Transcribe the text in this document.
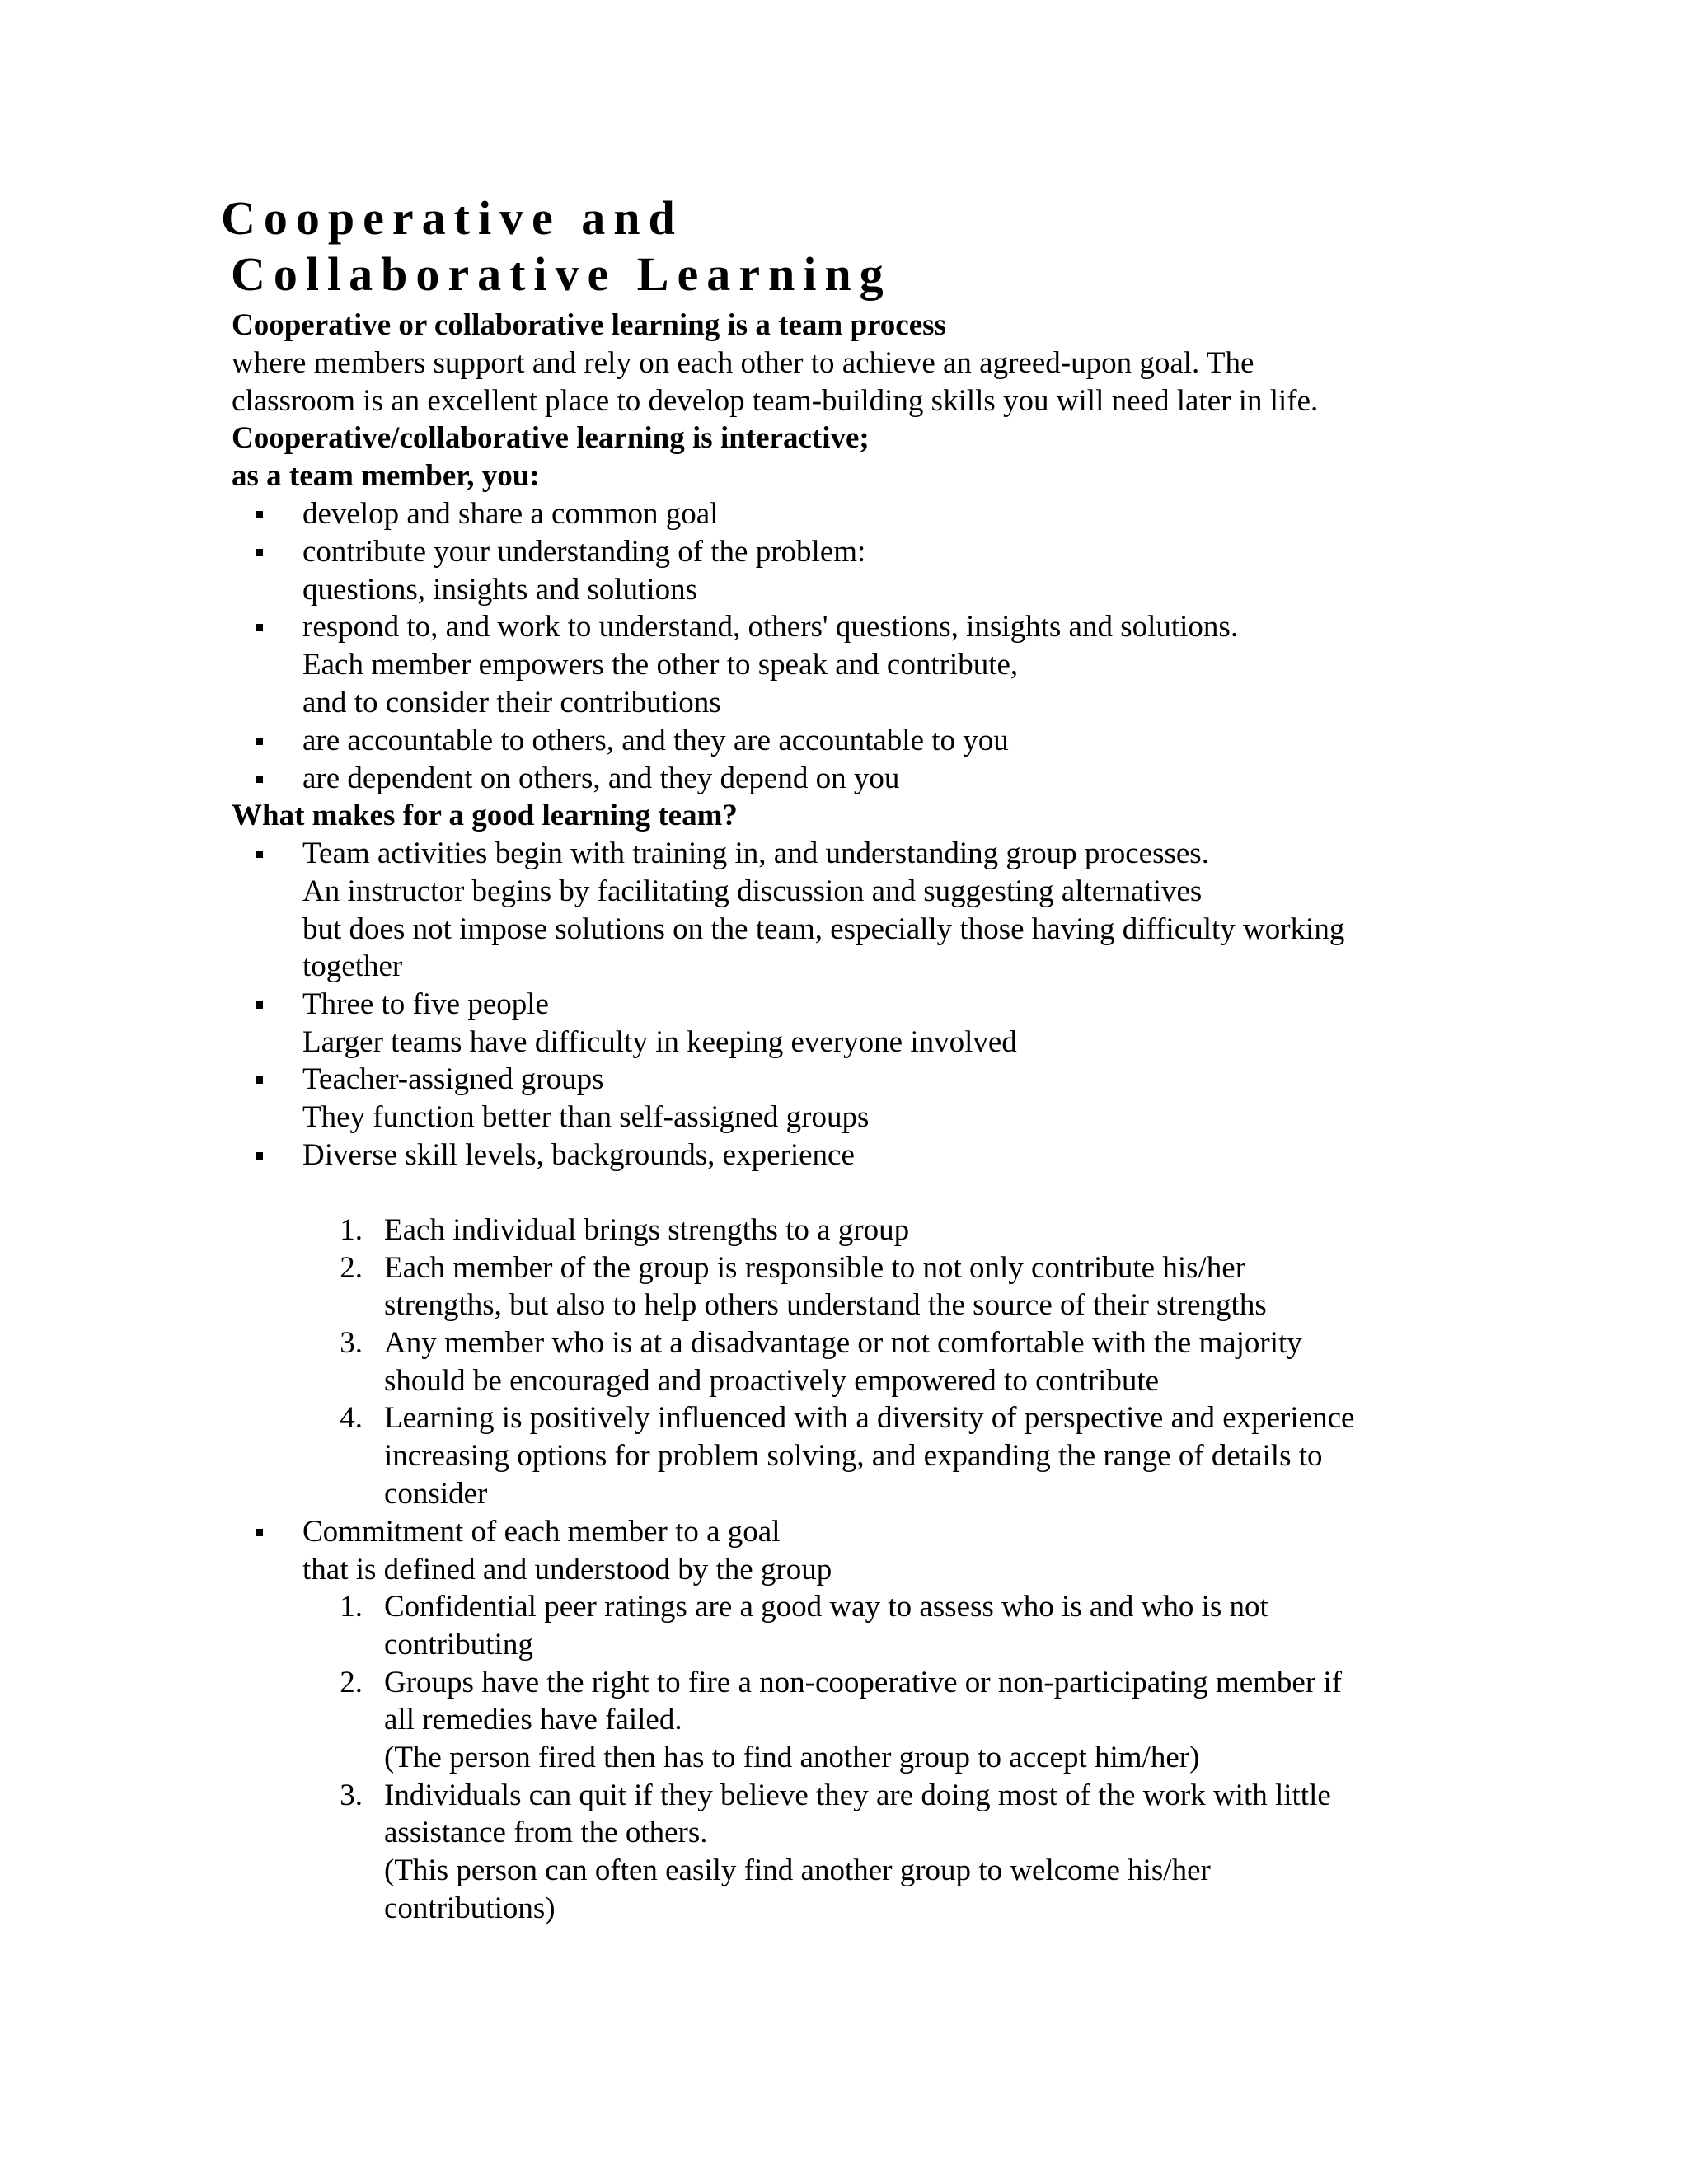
Cooperative and
Collaborative Learning
Cooperative or collaborative learning is a team process
where members support and rely on each other to achieve an agreed-upon goal. The
classroom is an excellent place to develop team-building skills you will need later in life.
Cooperative/collaborative learning is interactive;
as a team member, you:
develop and share a common goal
contribute your understanding of the problem:
questions, insights and solutions
respond to, and work to understand, others' questions, insights and solutions.
Each member empowers the other to speak and contribute,
and to consider their contributions
are accountable to others, and they are accountable to you
are dependent on others, and they depend on you
What makes for a good learning team?
Team activities begin with training in, and understanding group processes.
An instructor begins by facilitating discussion and suggesting alternatives
but does not impose solutions on the team, especially those having difficulty working
together
Three to five people
Larger teams have difficulty in keeping everyone involved
Teacher-assigned groups
They function better than self-assigned groups
Diverse skill levels, backgrounds, experience
1. Each individual brings strengths to a group
2. Each member of the group is responsible to not only contribute his/her
strengths, but also to help others understand the source of their strengths
3. Any member who is at a disadvantage or not comfortable with the majority
should be encouraged and proactively empowered to contribute
4. Learning is positively influenced with a diversity of perspective and experience
increasing options for problem solving, and expanding the range of details to
consider
Commitment of each member to a goal
that is defined and understood by the group
1. Confidential peer ratings are a good way to assess who is and who is not
contributing
2. Groups have the right to fire a non-cooperative or non-participating member if
all remedies have failed.
(The person fired then has to find another group to accept him/her)
3. Individuals can quit if they believe they are doing most of the work with little
assistance from the others.
(This person can often easily find another group to welcome his/her
contributions)
